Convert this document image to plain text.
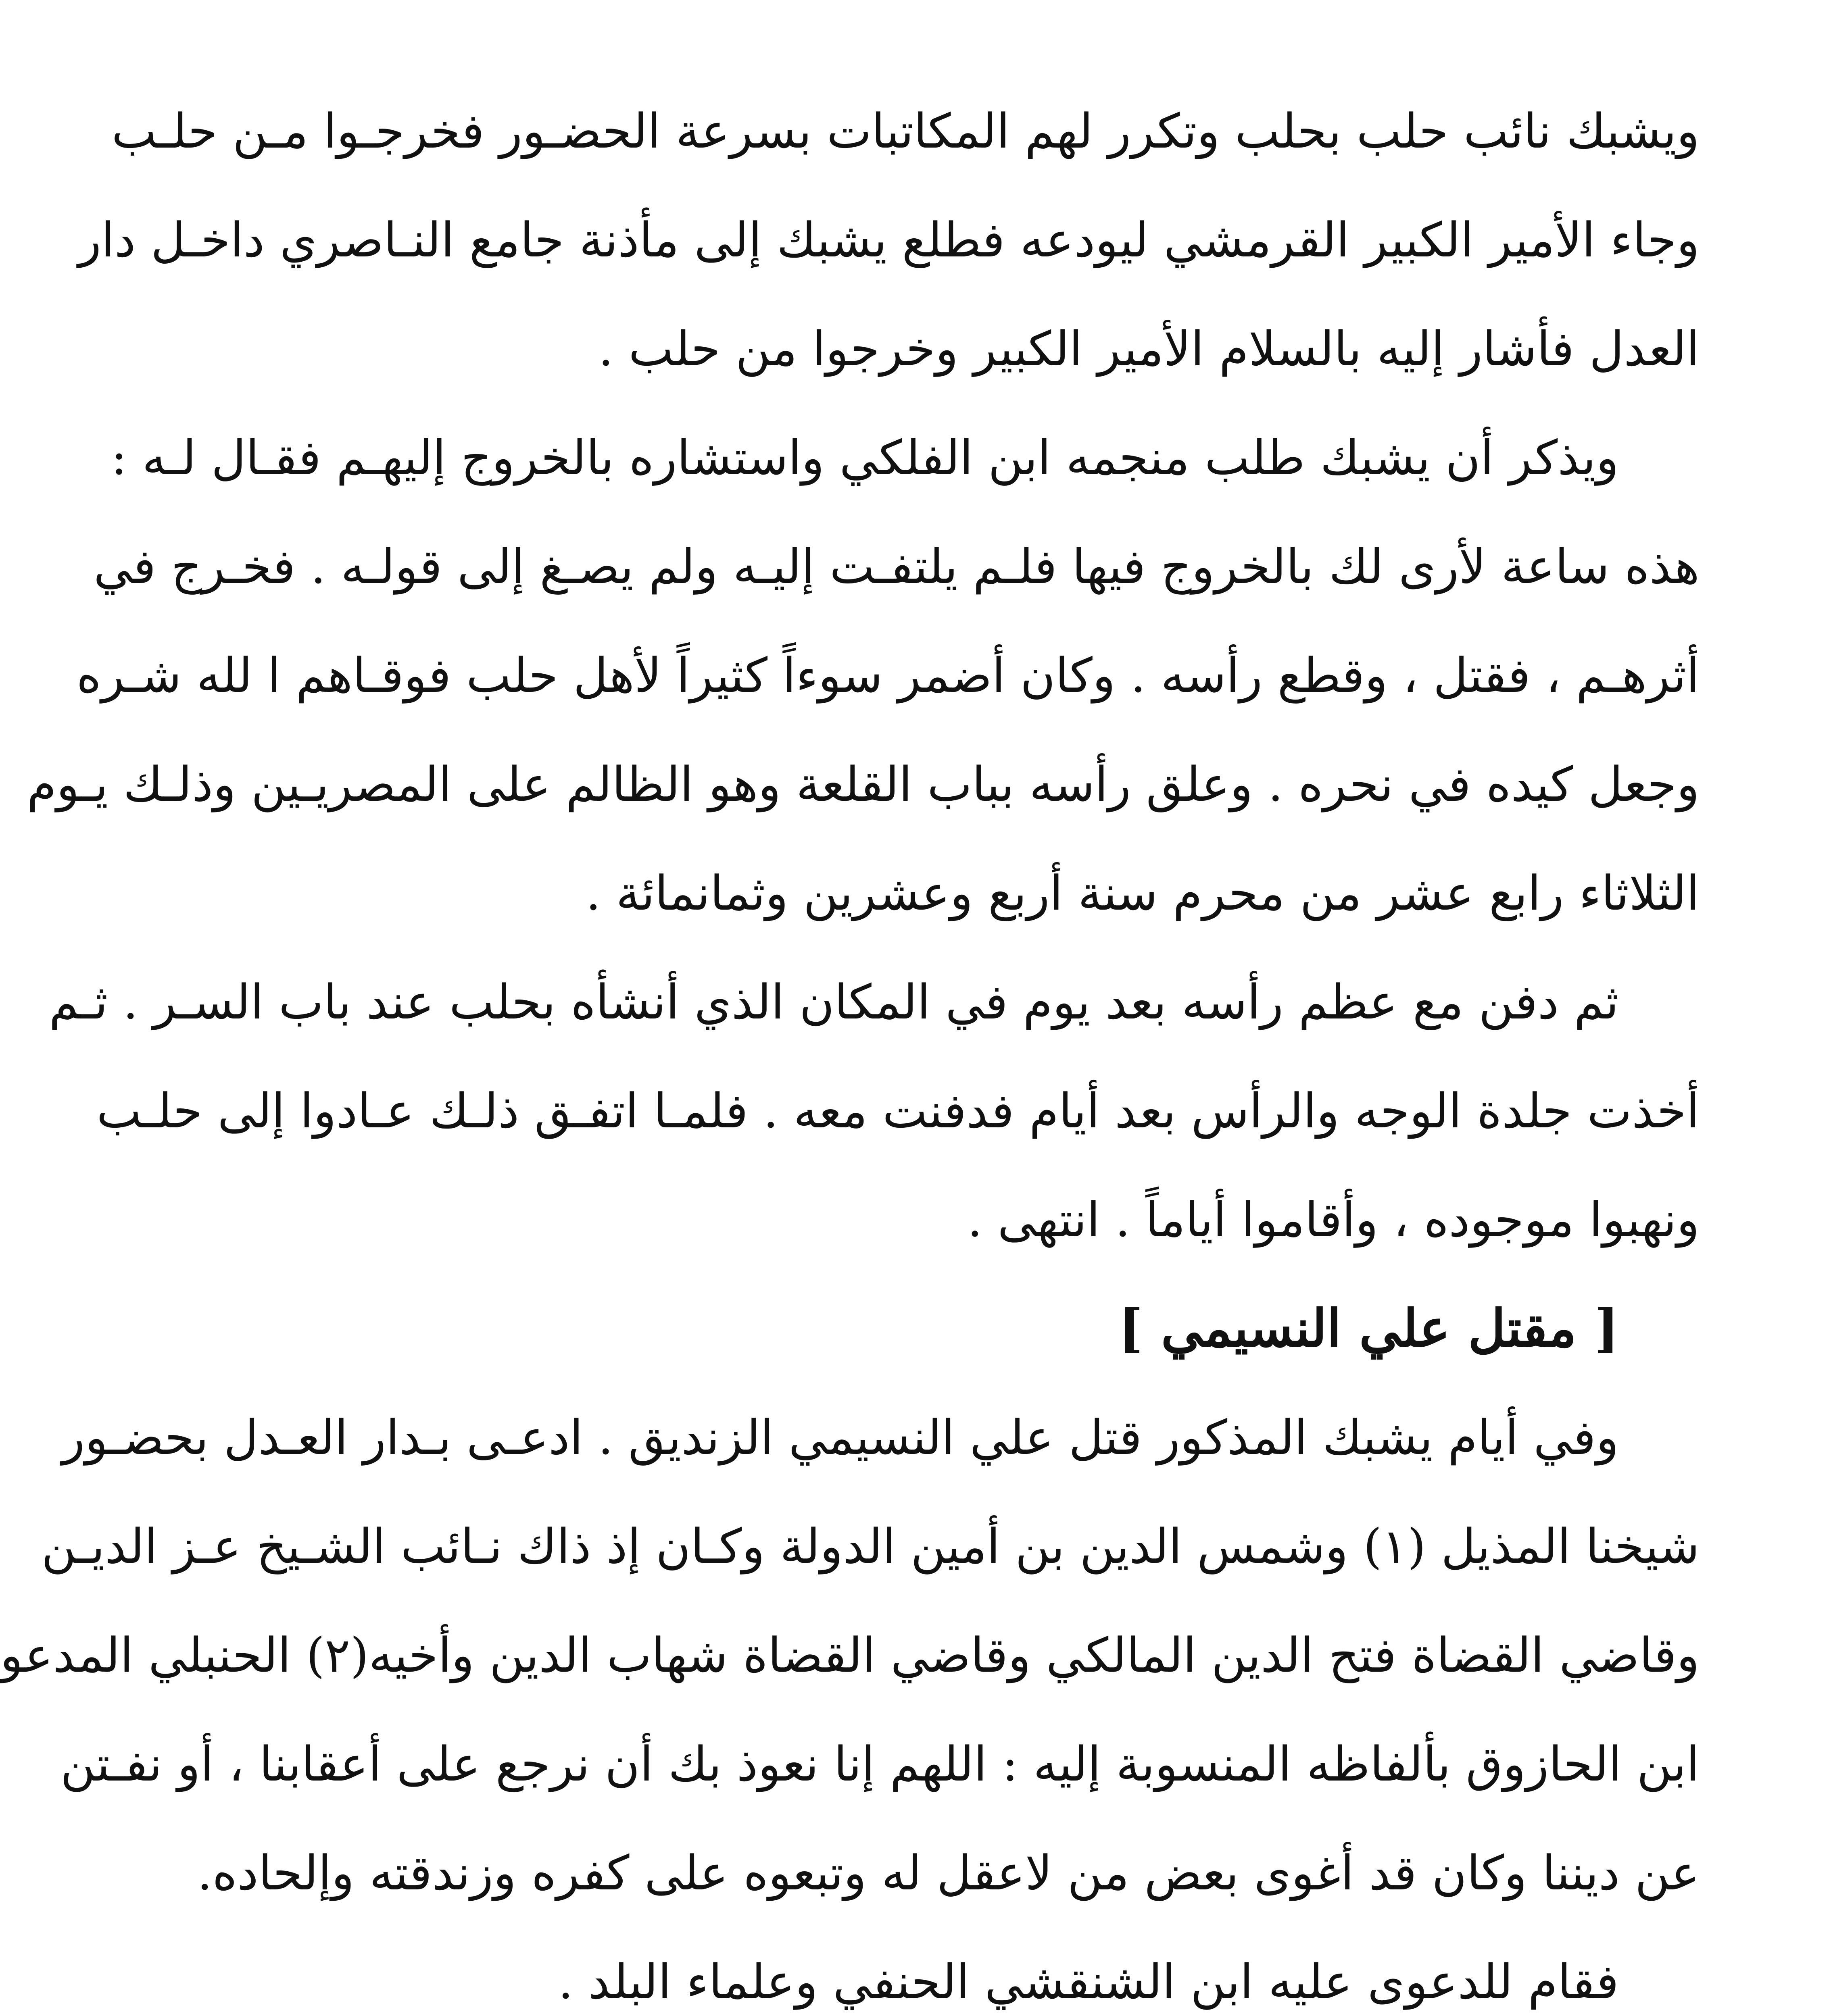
ويشبك نائب حلب بحلب وتكرر لهم المكاتبات بسرعة الحضـور فخرجـوا مـن حلـب
وجاء الأمير الكبير القرمشي ليودعه فطلع يشبك إلى مأذنة جامع النـاصري داخـل دار
العدل فأشار إليه بالسلام الأمير الكبير وخرجوا من حلب .
ويذكر أن يشبك طلب منجمه ابن الفلكي واستشاره بالخروج إليهـم فقـال لـه :
هذه ساعة لأرى لك بالخروج فيها فلـم يلتفـت إليـه ولم يصـغ إلى قولـه . فخـرج في
أثرهـم ، فقتل ، وقطع رأسه . وكان أضمر سوءاً كثيراً لأهل حلب فوقـاهم ا لله شـره
وجعل كيده في نحره . وعلق رأسه بباب القلعة وهو الظالم على المصريـين وذلـك يـوم
الثلاثاء رابع عشر من محرم سنة أربع وعشرين وثمانمائة .
ثم دفن مع عظم رأسه بعد يوم في المكان الذي أنشأه بحلب عند باب السـر . ثـم
أخذت جلدة الوجه والرأس بعد أيام فدفنت معه . فلمـا اتفـق ذلـك عـادوا إلى حلـب
ونهبوا موجوده ، وأقاموا أياماً . انتهى .
[ مقتل علي النسيمي ]
وفي أيام يشبك المذكور قتل علي النسيمي الزنديق . ادعـى بـدار العـدل بحضـور
شيخنا المذيل (١) وشمس الدين بن أمين الدولة وكـان إذ ذاك نـائب الشـيخ عـز الديـن
وقاضي القضاة فتح الدين المالكي وقاضي القضاة شهاب الدين وأخيه(٢) الحنبلي المدعو
ابن الحازوق بألفاظه المنسوبة إليه : اللهم إنا نعوذ بك أن نرجع على أعقابنا ، أو نفـتن
عن ديننا وكان قد أغوى بعض من لاعقل له وتبعوه على كفره وزندقته وإلحاده.
فقام للدعوى عليه ابن الشنقشي الحنفي وعلماء البلد .
